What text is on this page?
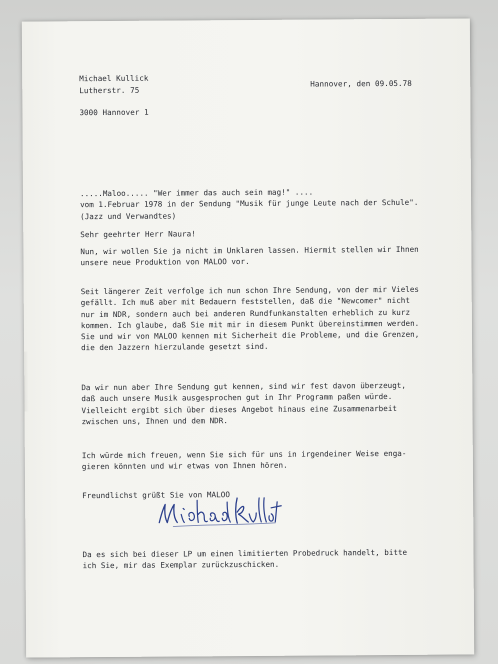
Michael Kullick
Lutherstr. 75
3000 Hannover 1
Hannover, den 09.05.78
.....Maloo..... "Wer immer das auch sein mag!" ....
vom 1.Februar 1978 in der Sendung "Musik für junge Leute nach der Schule".
(Jazz und Verwandtes)
Sehr geehrter Herr Naura!
Nun, wir wollen Sie ja nicht im Unklaren lassen. Hiermit stellen wir Ihnen
unsere neue Produktion von MALOO vor.
Seit längerer Zeit verfolge ich nun schon Ihre Sendung, von der mir Vieles
gefällt. Ich muß aber mit Bedauern feststellen, daß die "Newcomer" nicht
nur im NDR, sondern auch bei anderen Rundfunkanstalten erheblich zu kurz
kommen. Ich glaube, daß Sie mit mir in diesem Punkt übereinstimmen werden.
Sie und wir von MALOO kennen mit Sicherheit die Probleme, und die Grenzen,
die den Jazzern hierzulande gesetzt sind.
Da wir nun aber Ihre Sendung gut kennen, sind wir fest davon überzeugt,
daß auch unsere Musik ausgesprochen gut in Ihr Programm paßen würde.
Vielleicht ergibt sich über dieses Angebot hinaus eine Zusammenarbeit
zwischen uns, Ihnen und dem NDR.
Ich würde mich freuen, wenn Sie sich für uns in irgendeiner Weise enga-
gieren könnten und wir etwas von Ihnen hören.
Freundlichst grüßt Sie von MALOO
Da es sich bei dieser LP um einen limitierten Probedruck handelt, bitte
ich Sie, mir das Exemplar zurückzuschicken.
